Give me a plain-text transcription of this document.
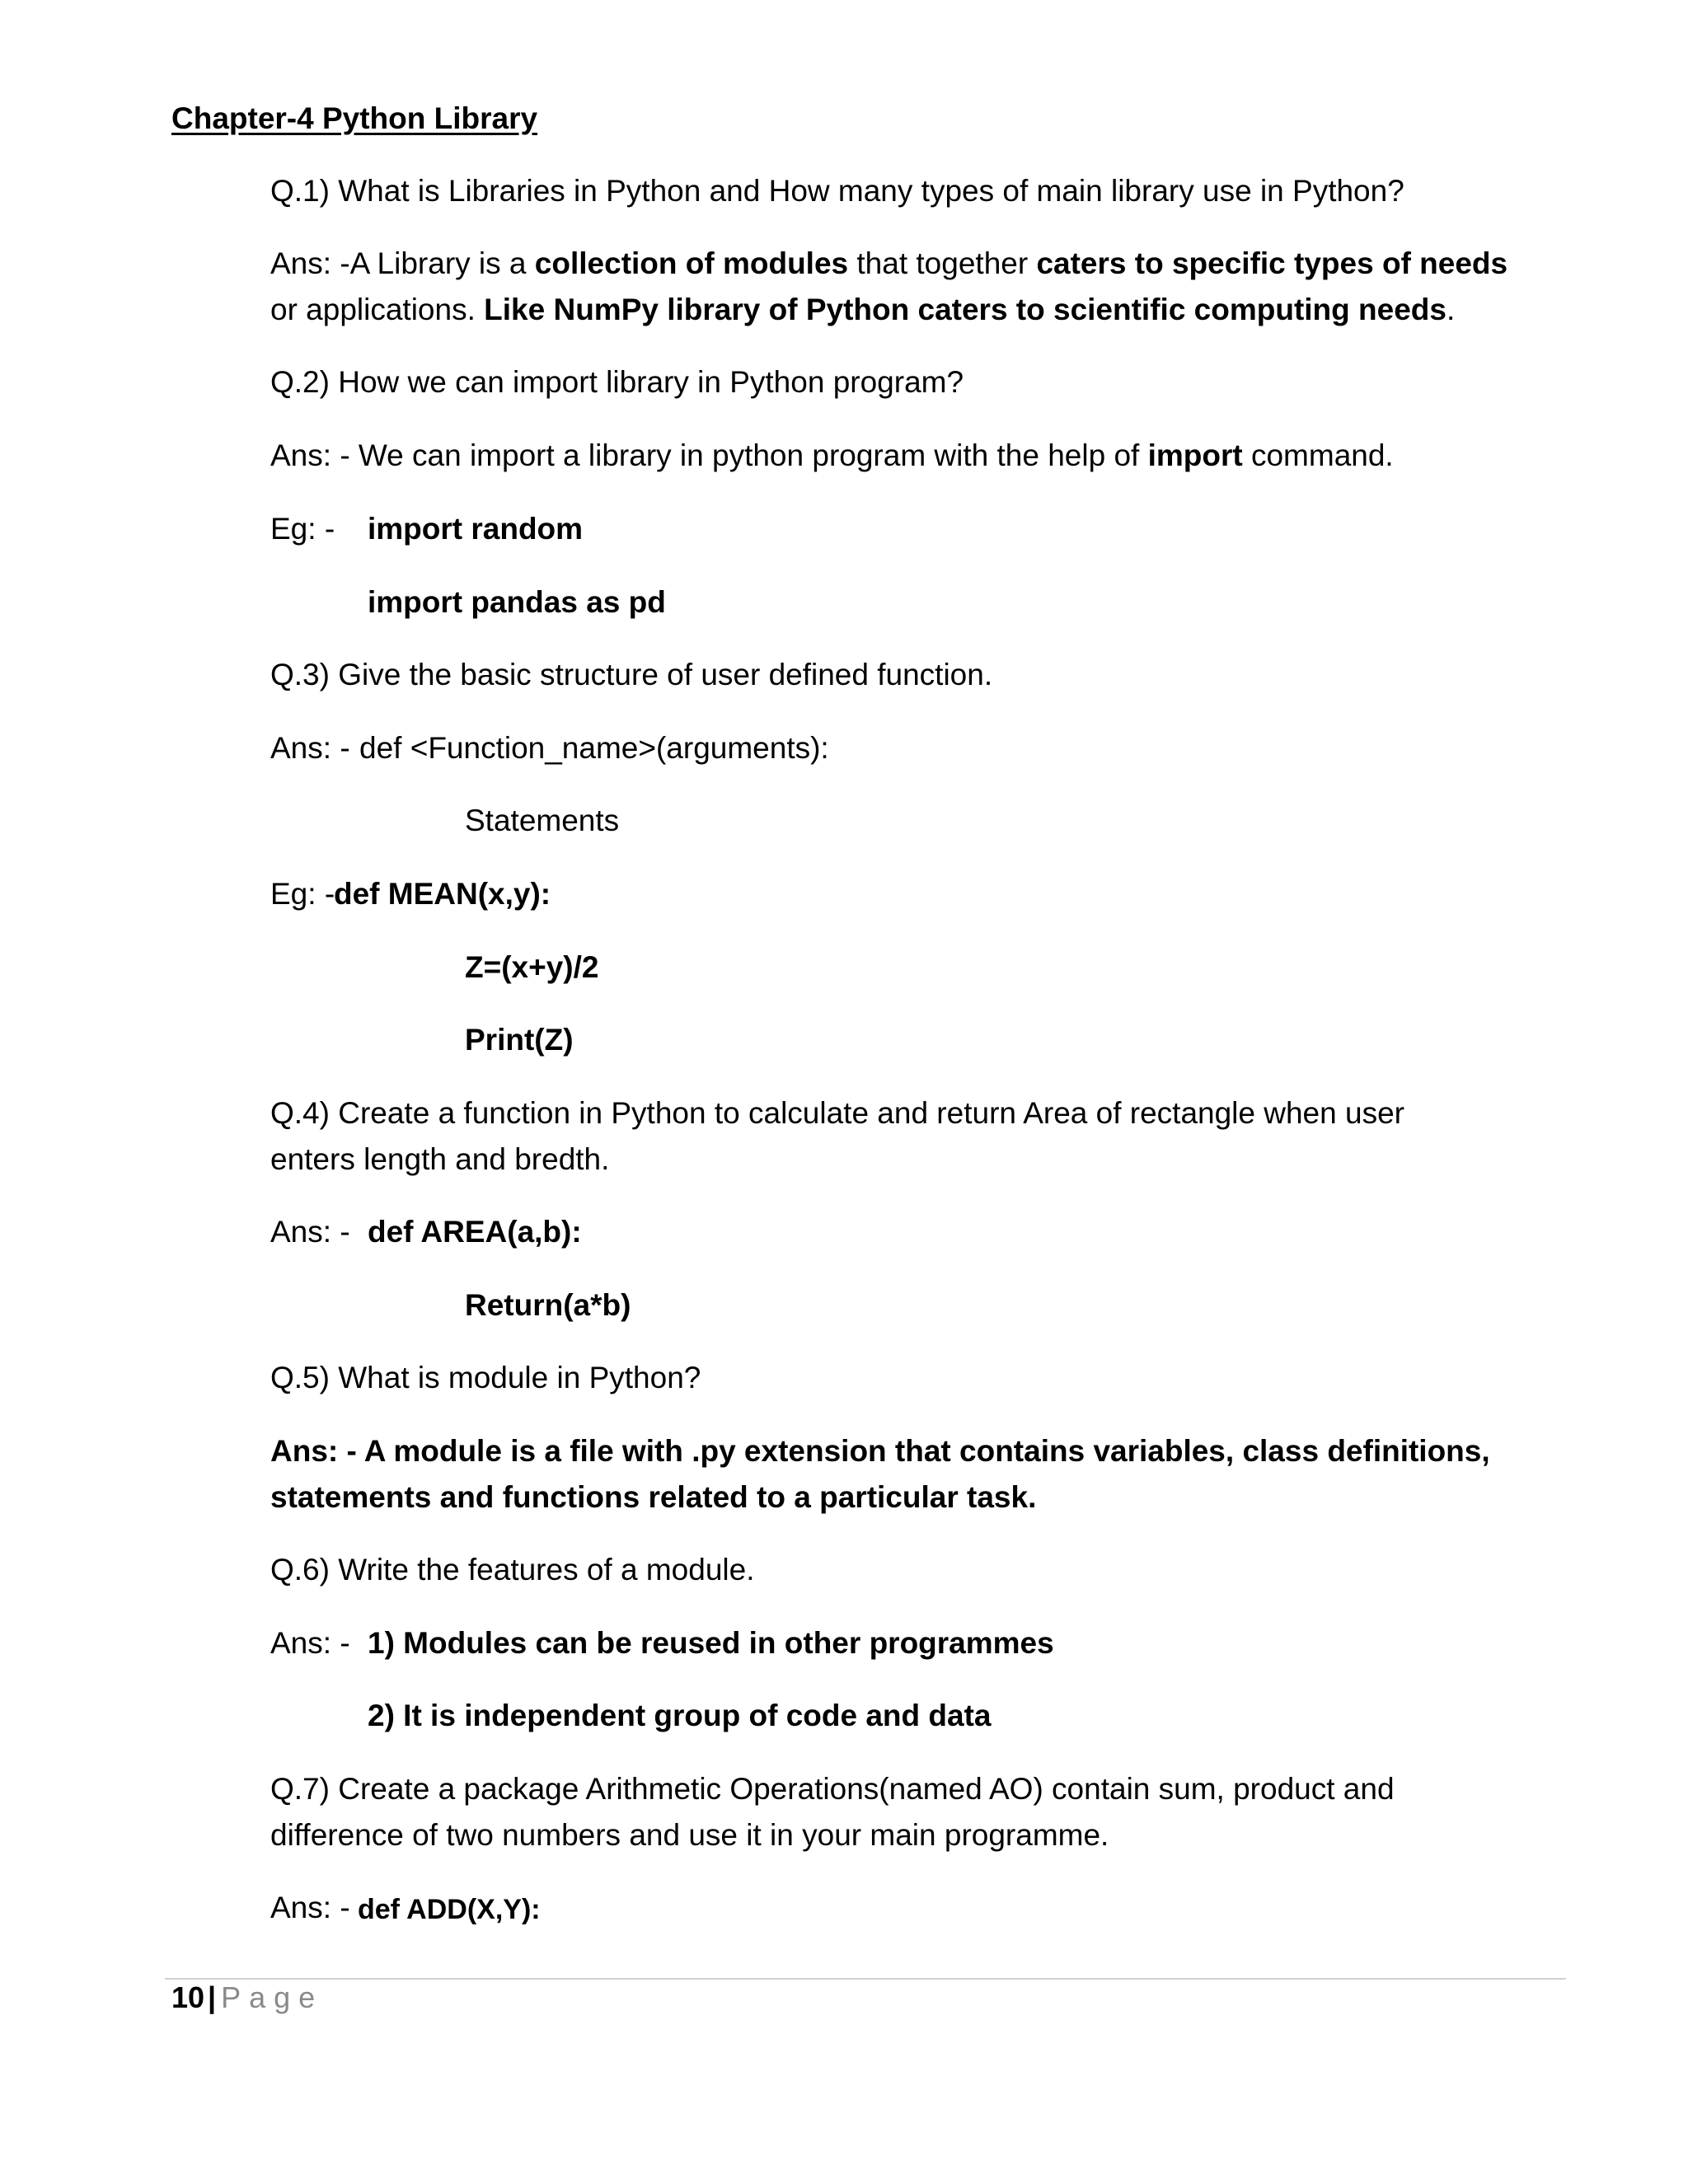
Chapter-4 Python Library
Q.1) What is Libraries in Python and How many types of main library use in Python?
Ans: -A Library is a collection of modules that together caters to specific types of needs
or applications. Like NumPy library of Python caters to scientific computing needs.
Q.2) How we can import library in Python program?
Ans: - We can import a library in python program with the help of import command.
Eg: - import random
import pandas as pd
Q.3) Give the basic structure of user defined function.
Ans: - def <Function_name>(arguments):
Statements
Eg: -
def MEAN(x,y):
Z=(x+y)/2
Print(Z)
Q.4) Create a function in Python to calculate and return Area of rectangle when user
enters length and bredth.
Ans: - def AREA(a,b):
Return(a*b)
Q.5) What is module in Python?
Ans: - A module is a file with .py extension that contains variables, class definitions,
statements and functions related to a particular task.
Q.6) Write the features of a module.
Ans: - 1) Modules can be reused in other programmes
2) It is independent group of code and data
Q.7) Create a package Arithmetic Operations(named AO) contain sum, product and
difference of two numbers and use it in your main programme.
Ans: - def ADD(X,Y):
10 | Page
